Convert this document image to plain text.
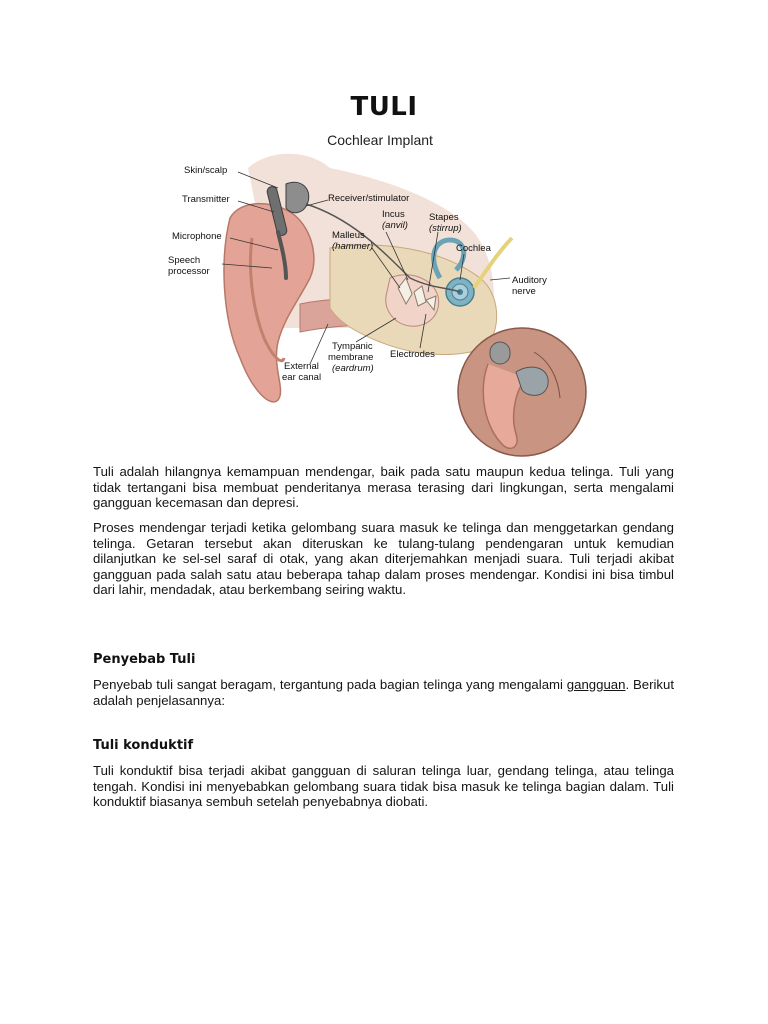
TULI
Cochlear Implant
Skin/scalp
Transmitter	Receiver/stimulator
Microphone
Incus
(anvil)
Stapes
(stirrup)
Malleus
(hammer)	Cochlea
Speech
processor
Auditory
nerve
Tympanic
membrane
(eardrum)
Electrodes
External
ear canal

Tuli adalah hilangnya kemampuan mendengar, baik pada satu maupun kedua telinga. Tuli yang tidak tertangani bisa membuat penderitanya merasa terasing dari lingkungan, serta mengalami gangguan kecemasan dan depresi.

Proses mendengar terjadi ketika gelombang suara masuk ke telinga dan menggetarkan gendang telinga. Getaran tersebut akan diteruskan ke tulang-tulang pendengaran untuk kemudian dilanjutkan ke sel-sel saraf di otak, yang akan diterjemahkan menjadi suara. Tuli terjadi akibat gangguan pada salah satu atau beberapa tahap dalam proses mendengar. Kondisi ini bisa timbul dari lahir, mendadak, atau berkembang seiring waktu.

Penyebab Tuli

Penyebab tuli sangat beragam, tergantung pada bagian telinga yang mengalami gangguan. Berikut adalah penjelasannya:

Tuli konduktif

Tuli konduktif bisa terjadi akibat gangguan di saluran telinga luar, gendang telinga, atau telinga tengah. Kondisi ini menyebabkan gelombang suara tidak bisa masuk ke telinga bagian dalam. Tuli konduktif biasanya sembuh setelah penyebabnya diobati.
